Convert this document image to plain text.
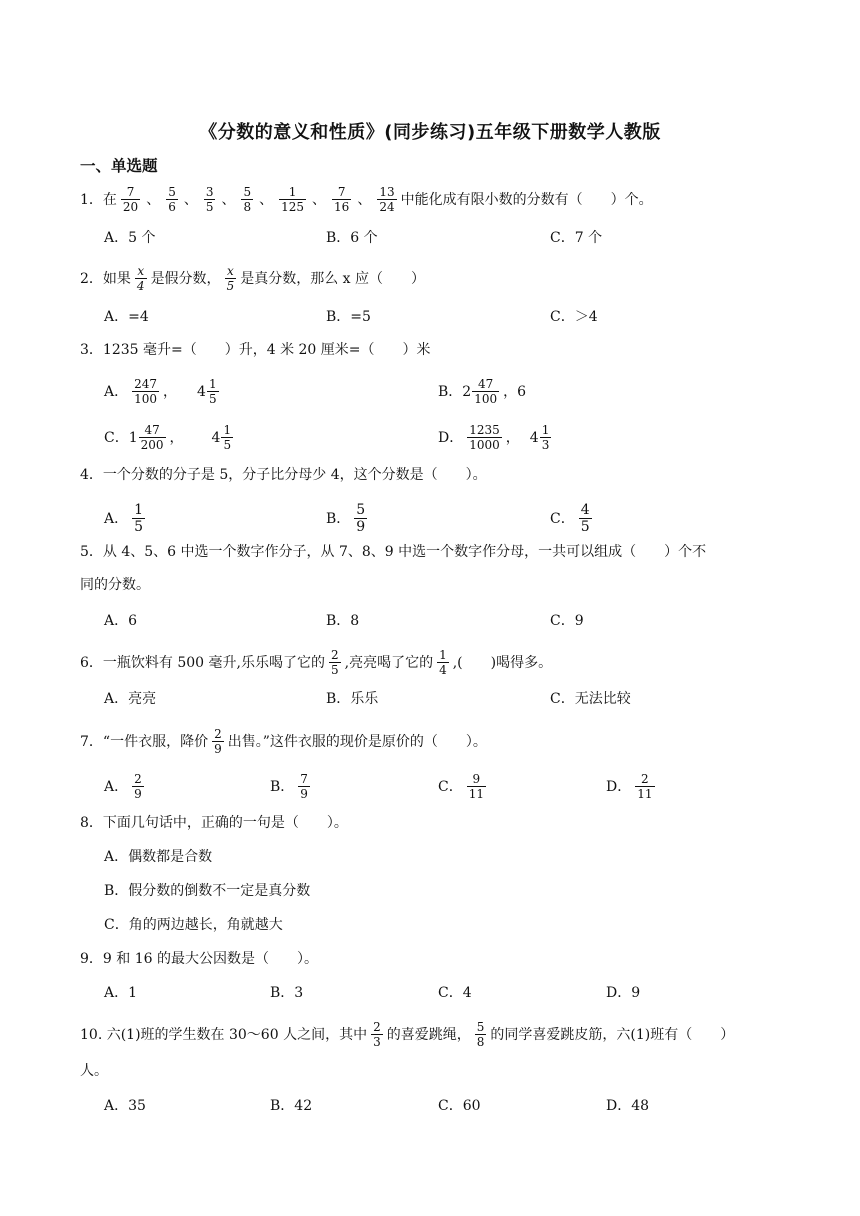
《分数的意义和性质》(同步练习)五年级下册数学人教版
一、单选题
1．在 $\frac{7}{20}$ 、 $\frac{5}{6}$ 、 $\frac{3}{5}$ 、 $\frac{5}{8}$ 、 $\frac{1}{125}$ 、 $\frac{7}{16}$ 、 $\frac{13}{24}$ 中能化成有限小数的分数有（　　）个。
A．5 个	B．6 个	C．7 个
2．如果 $\frac{x}{4}$ 是假分数， $\frac{x}{5}$ 是真分数，那么 x 应（　　）
A．=4	B．=5	C．＞4
3．1235 毫升=（　　）升，4 米 20 厘米=（　　）米
A． $\frac{247}{100}$ ， $4 \frac{1}{5}$	B．$2 \frac{47}{100}$ ，6
C．$1 \frac{47}{200}$ ， $4 \frac{1}{5}$	D． $\frac{1235}{1000}$ ， $4 \frac{1}{3}$
4．一个分数的分子是 5，分子比分母少 4，这个分数是（　　）。
A． $\frac{1}{5}$	B． $\frac{5}{9}$	C． $\frac{4}{5}$
5．从 4、5、6 中选一个数字作分子，从 7、8、9 中选一个数字作分母，一共可以组成（　　）个不
同的分数。
A．6	B．8	C．9
6．一瓶饮料有 500 毫升,乐乐喝了它的 $\frac{2}{5}$ ,亮亮喝了它的 $\frac{1}{4}$ ,(　　)喝得多。
A．亮亮	B．乐乐	C．无法比较
7．“一件衣服，降价 $\frac{2}{9}$ 出售。”这件衣服的现价是原价的（　　）。
A． $\frac{2}{9}$	B． $\frac{7}{9}$	C． $\frac{9}{11}$	D． $\frac{2}{11}$
8．下面几句话中，正确的一句是（　　）。
A．偶数都是合数
B．假分数的倒数不一定是真分数
C．角的两边越长，角就越大
9．9 和 16 的最大公因数是（　　）。
A．1	B．3	C．4	D．9
10. 六(1)班的学生数在 30～60 人之间，其中 $\frac{2}{3}$ 的喜爱跳绳， $\frac{5}{8}$ 的同学喜爱跳皮筋，六(1)班有（　　）
人。
A．35	B．42	C．60	D．48
